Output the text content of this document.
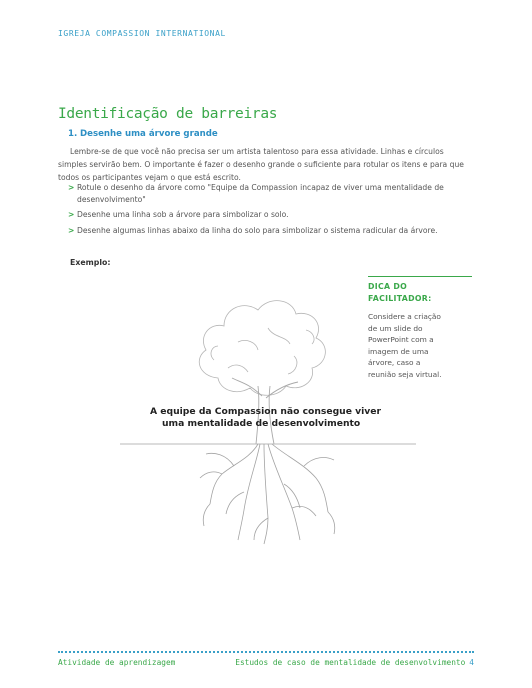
IGREJA COMPASSION INTERNATIONAL
Identificação de barreiras
1. Desenhe uma árvore grande
Lembre-se de que você não precisa ser um artista talentoso para essa atividade. Linhas e círculos
simples servirão bem. O importante é fazer o desenho grande o suficiente para rotular os itens e para que
todos os participantes vejam o que está escrito.
> Rotule o desenho da árvore como "Equipe da Compassion incapaz de viver uma mentalidade de desenvolvimento"
> Desenhe uma linha sob a árvore para simbolizar o solo.
> Desenhe algumas linhas abaixo da linha do solo para simbolizar o sistema radicular da árvore.
Exemplo:
DICA DO
FACILITADOR:
Considere a criação de um slide do PowerPoint com a imagem de uma árvore, caso a reunião seja virtual.
A equipe da Compassion não consegue viver
uma mentalidade de desenvolvimento
Atividade de aprendizagem	Estudos de caso de mentalidade de desenvolvimento 4
